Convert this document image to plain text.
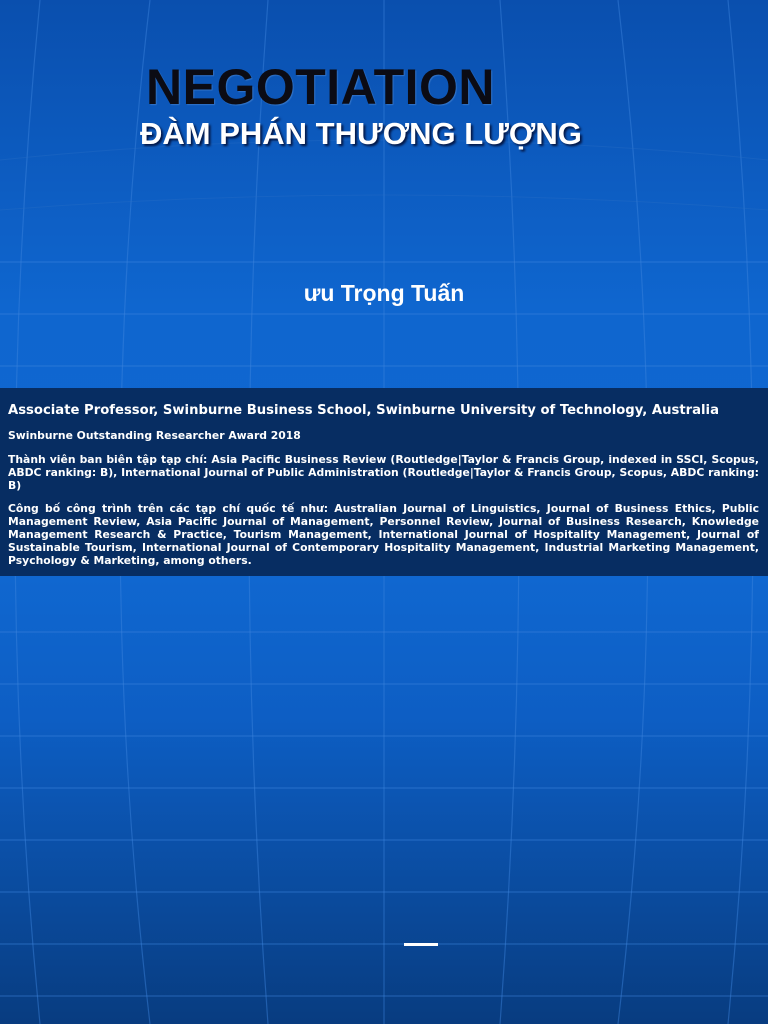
NEGOTIATION
ĐÀM PHÁN THƯƠNG LƯỢNG
ưu Trọng Tuấn
Associate Professor, Swinburne Business School, Swinburne University of Technology, Australia
Swinburne Outstanding Researcher Award 2018

Thành viên ban biên tập tạp chí: Asia Pacific Business Review (Routledge|Taylor & Francis Group, indexed in SSCI, Scopus, ABDC ranking: B), International Journal of Public Administration (Routledge|Taylor & Francis Group, Scopus, ABDC ranking: B)

Công bố công trình trên các tạp chí quốc tế như: Australian Journal of Linguistics, Journal of Business Ethics, Public Management Review, Asia Pacific Journal of Management, Personnel Review, Journal of Business Research, Knowledge Management Research & Practice, Tourism Management, International Journal of Hospitality Management, Journal of Sustainable Tourism, International Journal of Contemporary Hospitality Management, Industrial Marketing Management, Psychology & Marketing, among others.
